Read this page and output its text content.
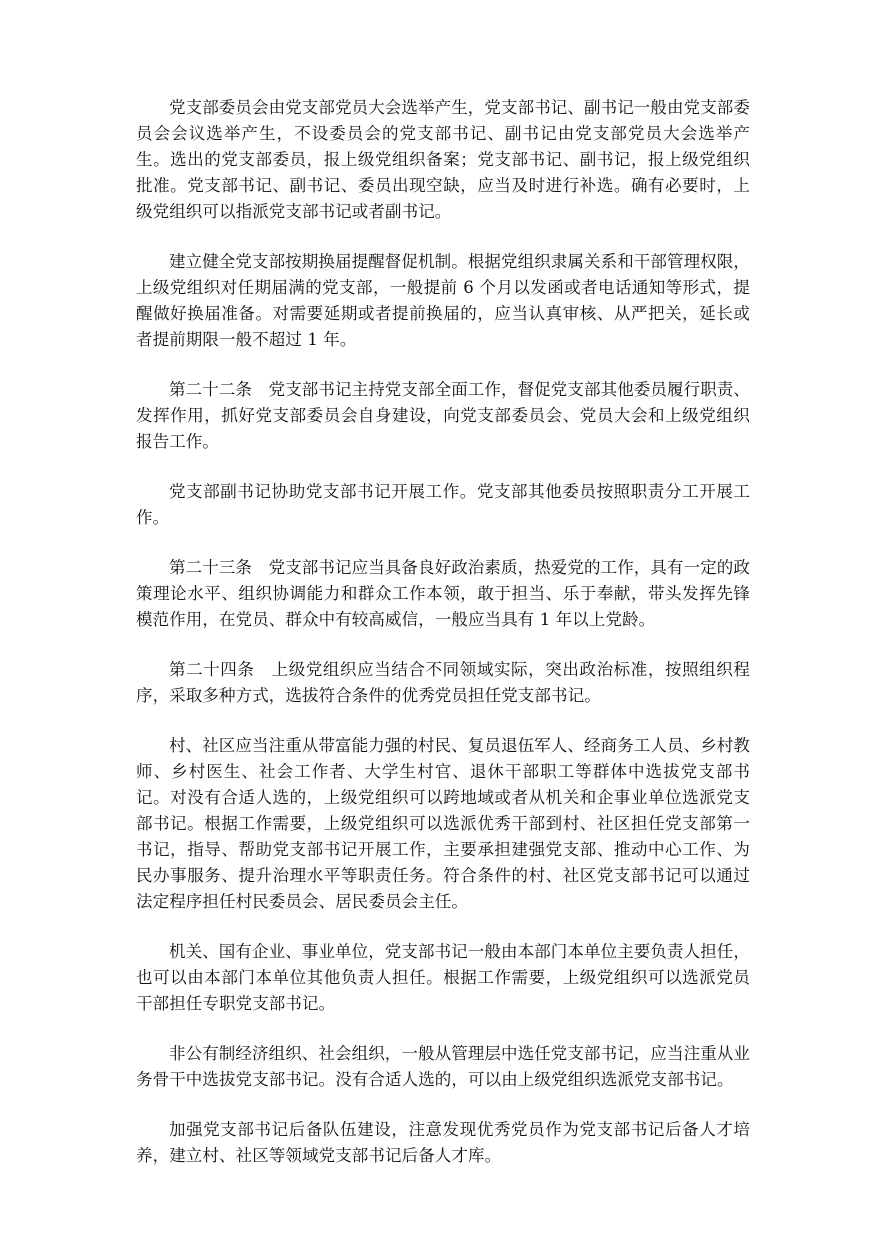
党支部委员会由党支部党员大会选举产生，党支部书记、副书记一般由党支部委员会会议选举产生，不设委员会的党支部书记、副书记由党支部党员大会选举产生。选出的党支部委员，报上级党组织备案；党支部书记、副书记，报上级党组织批准。党支部书记、副书记、委员出现空缺，应当及时进行补选。确有必要时，上级党组织可以指派党支部书记或者副书记。

建立健全党支部按期换届提醒督促机制。根据党组织隶属关系和干部管理权限，上级党组织对任期届满的党支部，一般提前 6 个月以发函或者电话通知等形式，提醒做好换届准备。对需要延期或者提前换届的，应当认真审核、从严把关，延长或者提前期限一般不超过 1 年。

第二十二条　党支部书记主持党支部全面工作，督促党支部其他委员履行职责、发挥作用，抓好党支部委员会自身建设，向党支部委员会、党员大会和上级党组织报告工作。

党支部副书记协助党支部书记开展工作。党支部其他委员按照职责分工开展工作。

第二十三条　党支部书记应当具备良好政治素质，热爱党的工作，具有一定的政策理论水平、组织协调能力和群众工作本领，敢于担当、乐于奉献，带头发挥先锋模范作用，在党员、群众中有较高威信，一般应当具有 1 年以上党龄。

第二十四条　上级党组织应当结合不同领域实际，突出政治标准，按照组织程序，采取多种方式，选拔符合条件的优秀党员担任党支部书记。

村、社区应当注重从带富能力强的村民、复员退伍军人、经商务工人员、乡村教师、乡村医生、社会工作者、大学生村官、退休干部职工等群体中选拔党支部书记。对没有合适人选的，上级党组织可以跨地域或者从机关和企事业单位选派党支部书记。根据工作需要，上级党组织可以选派优秀干部到村、社区担任党支部第一书记，指导、帮助党支部书记开展工作，主要承担建强党支部、推动中心工作、为民办事服务、提升治理水平等职责任务。符合条件的村、社区党支部书记可以通过法定程序担任村民委员会、居民委员会主任。

机关、国有企业、事业单位，党支部书记一般由本部门本单位主要负责人担任，也可以由本部门本单位其他负责人担任。根据工作需要，上级党组织可以选派党员干部担任专职党支部书记。

非公有制经济组织、社会组织，一般从管理层中选任党支部书记，应当注重从业务骨干中选拔党支部书记。没有合适人选的，可以由上级党组织选派党支部书记。

加强党支部书记后备队伍建设，注意发现优秀党员作为党支部书记后备人才培养，建立村、社区等领域党支部书记后备人才库。
